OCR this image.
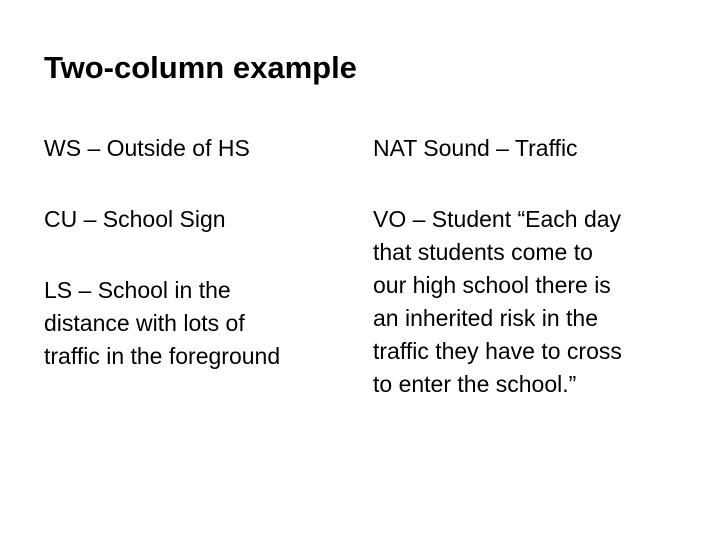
Two-column example
WS – Outside of HS
CU – School Sign
LS – School in the
distance with lots of
traffic in the foreground
NAT Sound – Traffic
VO – Student “Each day
that students come to
our high school there is
an inherited risk in the
traffic they have to cross
to enter the school.”
